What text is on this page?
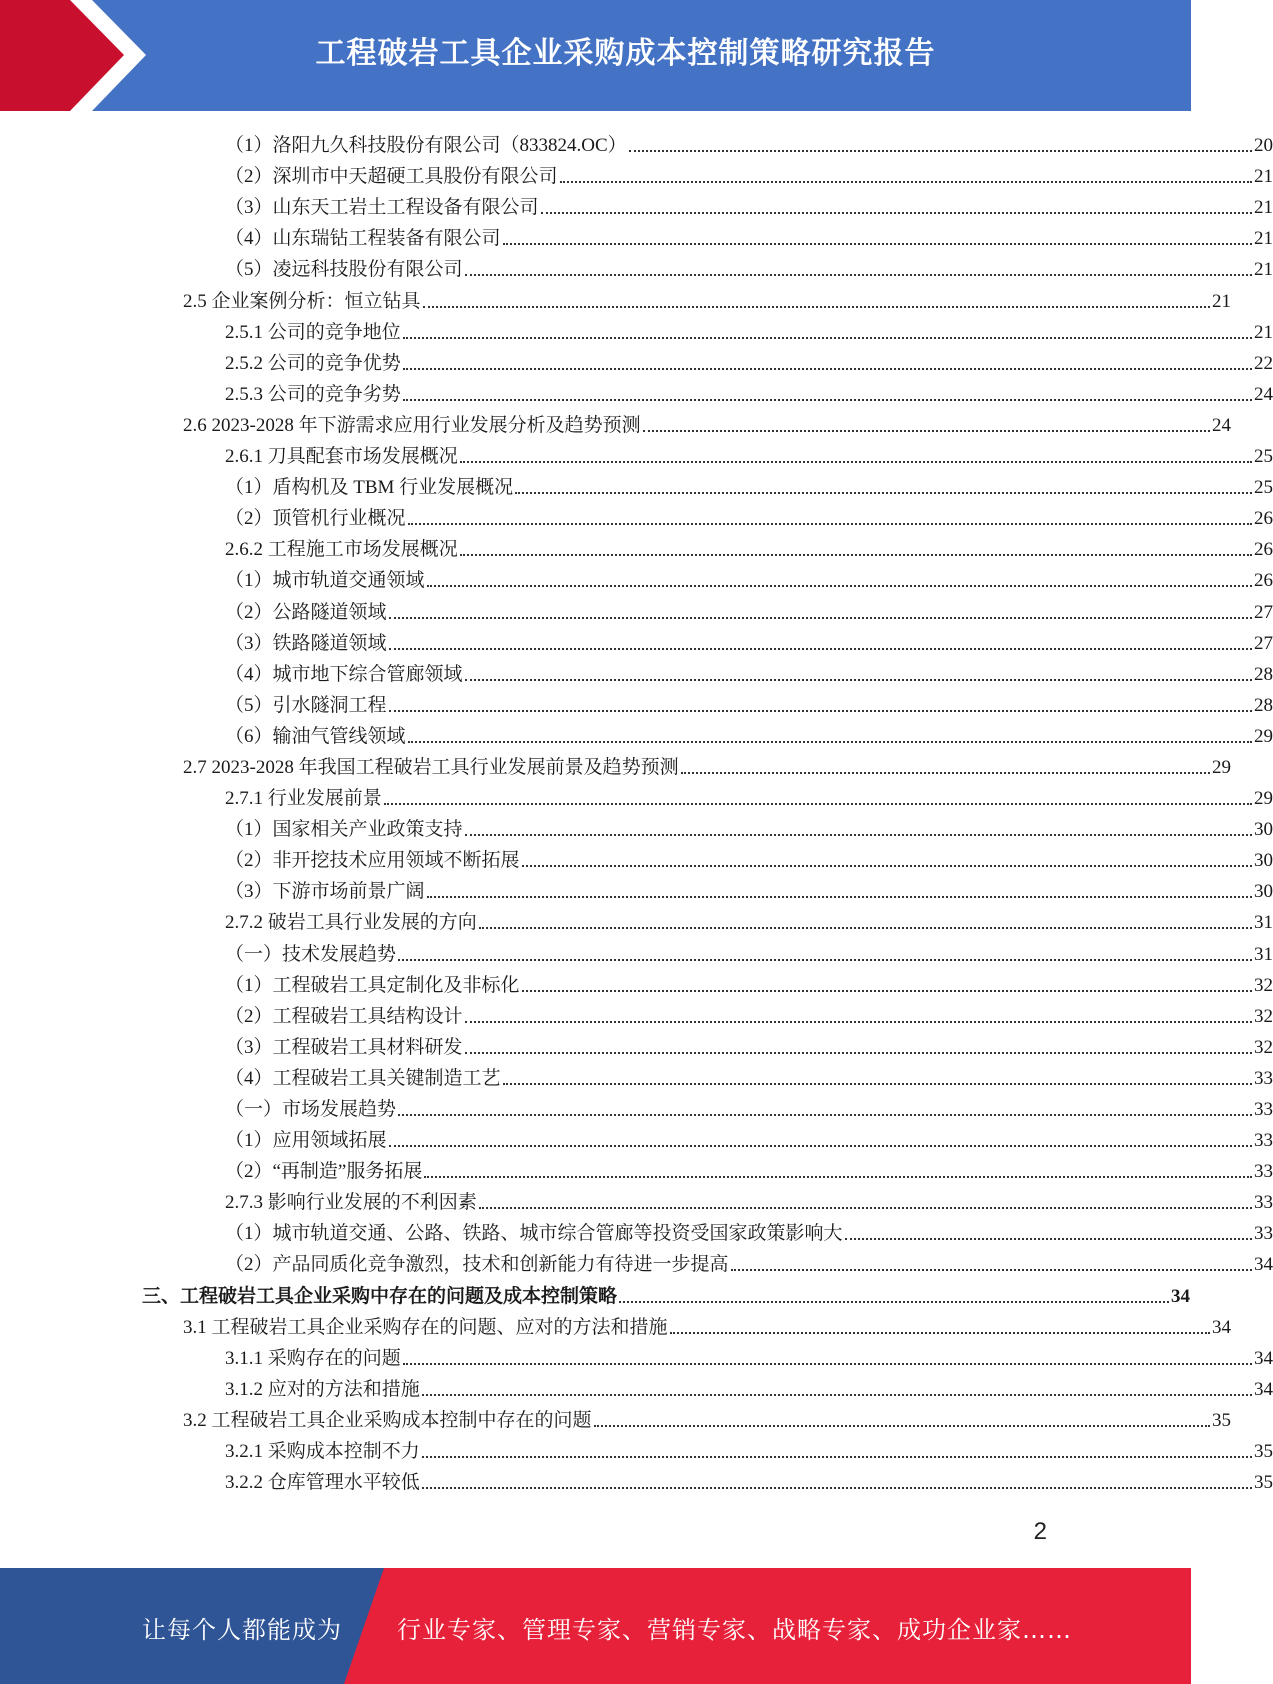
工程破岩工具企业采购成本控制策略研究报告
（1）洛阳九久科技股份有限公司（833824.OC）	20
（2）深圳市中天超硬工具股份有限公司	21
（3）山东天工岩土工程设备有限公司	21
（4）山东瑞钻工程装备有限公司	21
（5）凌远科技股份有限公司	21
2.5 企业案例分析：恒立钻具	21
2.5.1 公司的竞争地位	21
2.5.2 公司的竞争优势	22
2.5.3 公司的竞争劣势	24
2.6 2023-2028 年下游需求应用行业发展分析及趋势预测	24
2.6.1 刀具配套市场发展概况	25
（1）盾构机及 TBM 行业发展概况	25
（2）顶管机行业概况	26
2.6.2 工程施工市场发展概况	26
（1）城市轨道交通领域	26
（2）公路隧道领域	27
（3）铁路隧道领域	27
（4）城市地下综合管廊领域	28
（5）引水隧洞工程	28
（6）输油气管线领域	29
2.7 2023-2028 年我国工程破岩工具行业发展前景及趋势预测	29
2.7.1 行业发展前景	29
（1）国家相关产业政策支持	30
（2）非开挖技术应用领域不断拓展	30
（3）下游市场前景广阔	30
2.7.2 破岩工具行业发展的方向	31
（一）技术发展趋势	31
（1）工程破岩工具定制化及非标化	32
（2）工程破岩工具结构设计	32
（3）工程破岩工具材料研发	32
（4）工程破岩工具关键制造工艺	33
（一）市场发展趋势	33
（1）应用领域拓展	33
（2）“再制造”服务拓展	33
2.7.3 影响行业发展的不利因素	33
（1）城市轨道交通、公路、铁路、城市综合管廊等投资受国家政策影响大	33
（2）产品同质化竞争激烈，技术和创新能力有待进一步提高	34
三、工程破岩工具企业采购中存在的问题及成本控制策略	34
3.1 工程破岩工具企业采购存在的问题、应对的方法和措施	34
3.1.1 采购存在的问题	34
3.1.2 应对的方法和措施	34
3.2 工程破岩工具企业采购成本控制中存在的问题	35
3.2.1 采购成本控制不力	35
3.2.2 仓库管理水平较低	35
2
让每个人都能成为 行业专家、管理专家、营销专家、战略专家、成功企业家……
